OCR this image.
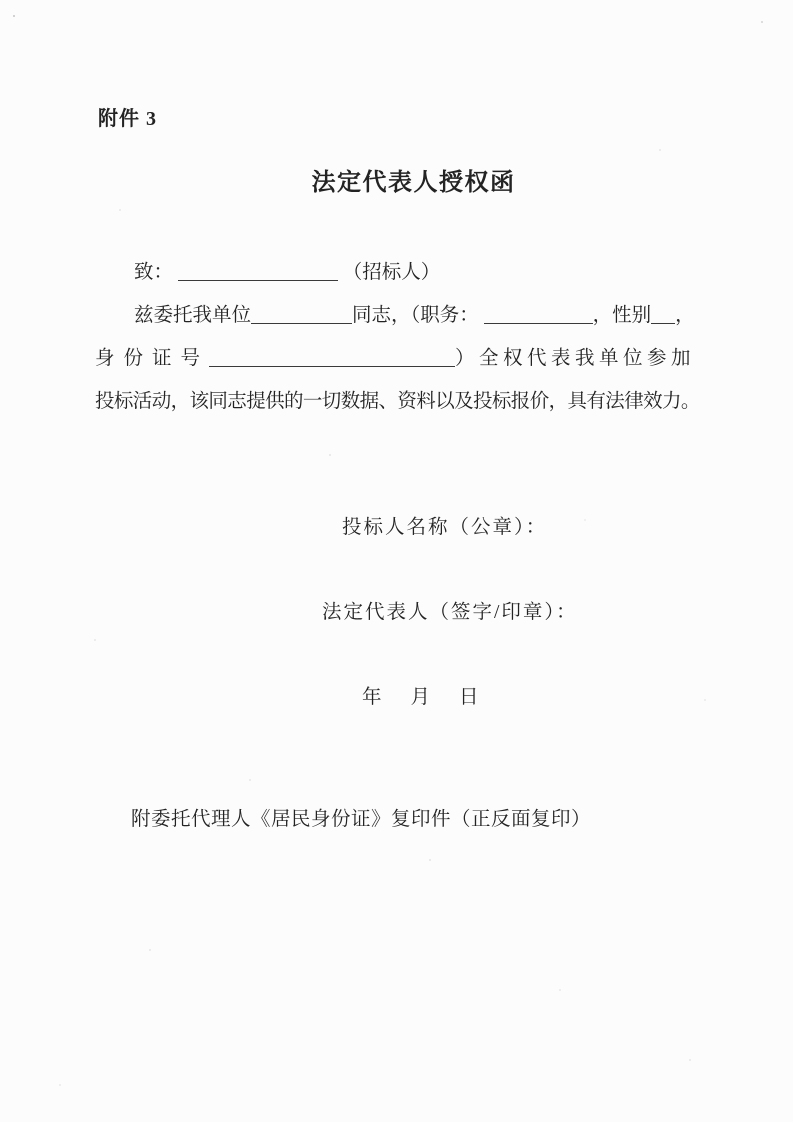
附件 3
法定代表人授权函
致：	（招标人）
兹委托我单位	同志，（职务：	，性别 ，
身份证号	）全权代表我单位参加
投标活动，该同志提供的一切数据、资料以及投标报价，具有法律效力。
投标人名称（公章）：
法定代表人（签字/印章）：
年 月 日
附委托代理人《居民身份证》复印件（正反面复印）
